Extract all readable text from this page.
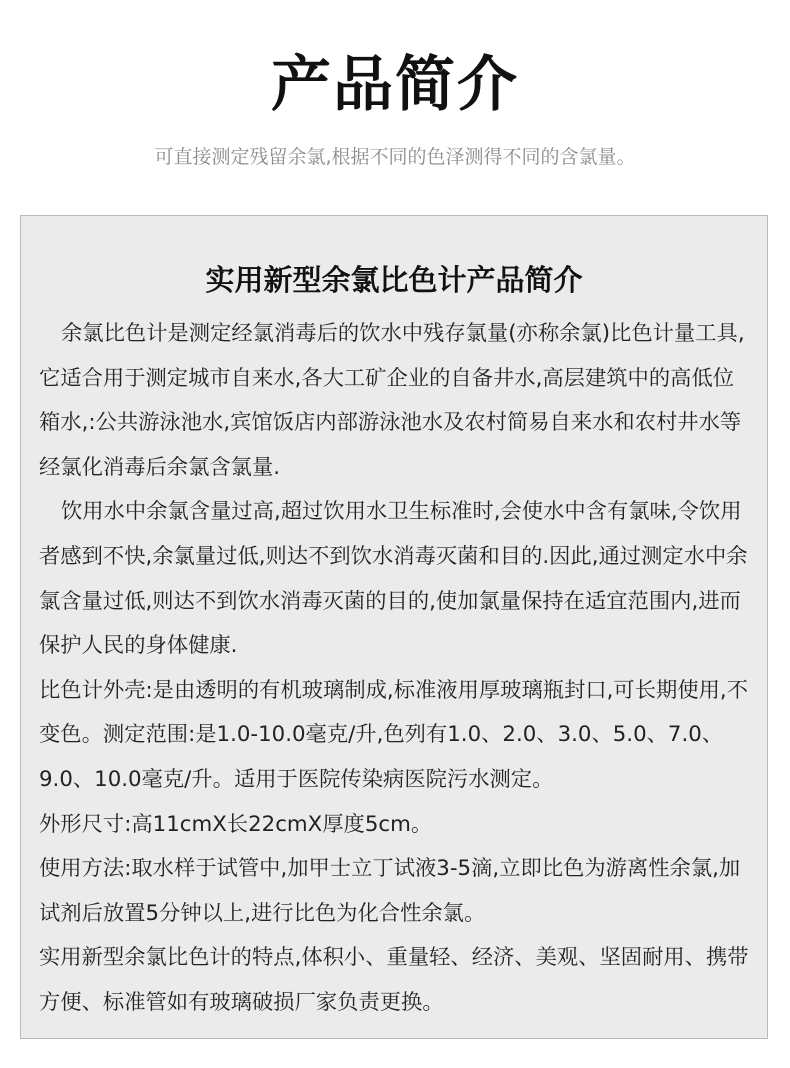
产品简介
可直接测定残留余氯,根据不同的色泽测得不同的含氯量。
实用新型余氯比色计产品简介

余氯比色计是测定经氯消毒后的饮水中残存氯量(亦称余氯)比色计量工具,它适合用于测定城市自来水,各大工矿企业的自备井水,高层建筑中的高低位箱水,:公共游泳池水,宾馆饭店内部游泳池水及农村简易自来水和农村井水等经氯化消毒后余氯含氯量.

饮用水中余氯含量过高,超过饮用水卫生标准时,会使水中含有氯味,令饮用者感到不快,余氯量过低,则达不到饮水消毒灭菌和目的.因此,通过测定水中余氯含量过低,则达不到饮水消毒灭菌的目的,使加氯量保持在适宜范围内,进而保护人民的身体健康.

比色计外壳:是由透明的有机玻璃制成,标准液用厚玻璃瓶封口,可长期使用,不变色。测定范围:是1.0-10.0毫克/升,色列有1.0、2.0、3.0、5.0、7.0、9.0、10.0毫克/升。适用于医院传染病医院污水测定。

外形尺寸:高11cmX长22cmX厚度5cm。

使用方法:取水样于试管中,加甲士立丁试液3-5滴,立即比色为游离性余氯,加试剂后放置5分钟以上,进行比色为化合性余氯。

实用新型余氯比色计的特点,体积小、重量轻、经济、美观、坚固耐用、携带方便、标准管如有玻璃破损厂家负责更换。
